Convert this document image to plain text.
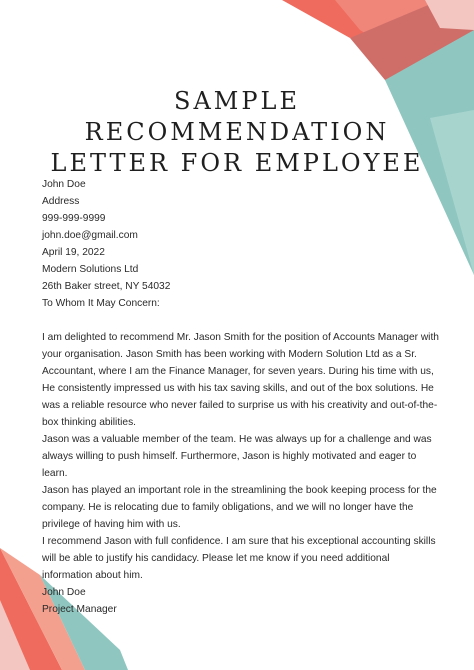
SAMPLE
RECOMMENDATION
LETTER FOR EMPLOYEE

John Doe

Address

999-999-9999

john.doe@gmail.com

April 19, 2022

Modern Solutions Ltd

26th Baker street, NY 54032

To Whom It May Concern:

I am delighted to recommend Mr. Jason Smith for the position of Accounts Manager with your organisation. Jason Smith has been working with Modern Solution Ltd as a Sr. Accountant, where I am the Finance Manager, for seven years. During his time with us, He consistently impressed us with his tax saving skills, and out of the box solutions. He was a reliable resource who never failed to surprise us with his creativity and out-of-the-box thinking abilities.

Jason was a valuable member of the team. He was always up for a challenge and was always willing to push himself. Furthermore, Jason is highly motivated and eager to learn.

Jason has played an important role in the streamlining the book keeping process for the company. He is relocating due to family obligations, and we will no longer have the privilege of having him with us.

I recommend Jason with full confidence. I am sure that his exceptional accounting skills will be able to justify his candidacy. Please let me know if you need additional information about him.

John Doe

Project Manager
